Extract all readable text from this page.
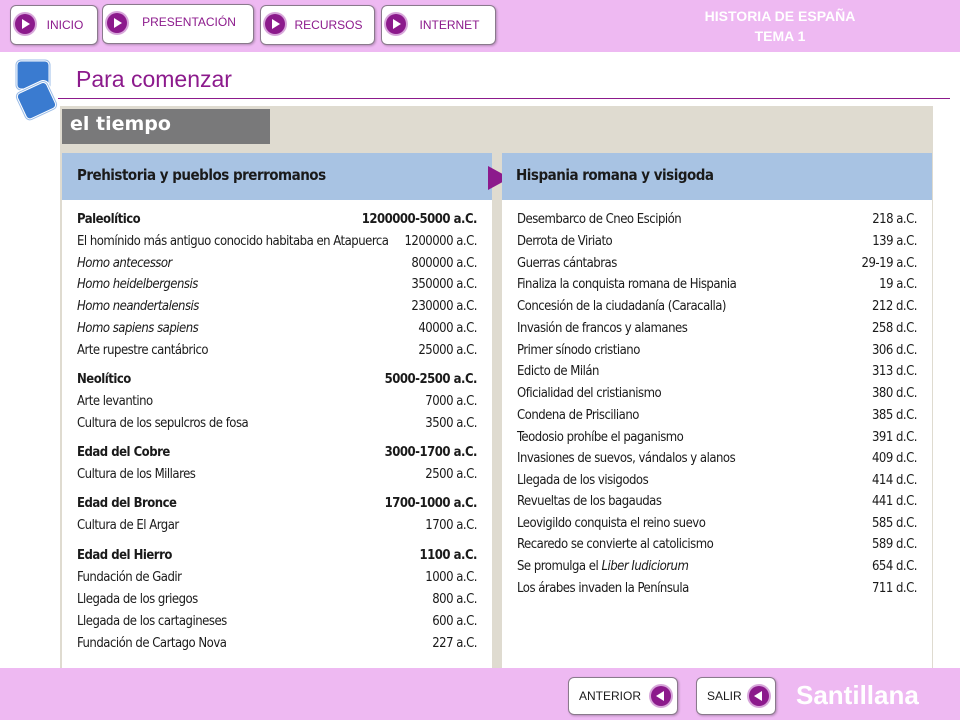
INICIO	PRESENTACIÓN	RECURSOS	INTERNET
HISTORIA DE ESPAÑA
TEMA 1
Para comenzar
el tiempo
Prehistoria y pueblos prerromanos
Paleolítico	1200000-5000 a.C.
El homínido más antiguo conocido habitaba en Atapuerca 1200000 a.C.
Homo antecessor	800000 a.C.
Homo heidelbergensis	350000 a.C.
Homo neandertalensis	230000 a.C.
Homo sapiens sapiens	40000 a.C.
Arte rupestre cantábrico	25000 a.C.
Neolítico	5000-2500 a.C.
Arte levantino	7000 a.C.
Cultura de los sepulcros de fosa	3500 a.C.
Edad del Cobre	3000-1700 a.C.
Cultura de los Millares	2500 a.C.
Edad del Bronce	1700-1000 a.C.
Cultura de El Argar	1700 a.C.
Edad del Hierro	1100 a.C.
Fundación de Gadir	1000 a.C.
Llegada de los griegos	800 a.C.
Llegada de los cartagineses	600 a.C.
Fundación de Cartago Nova	227 a.C.
Hispania romana y visigoda
Desembarco de Cneo Escipión	218 a.C.
Derrota de Viriato	139 a.C.
Guerras cántabras	29-19 a.C.
Finaliza la conquista romana de Hispania	19 a.C.
Concesión de la ciudadanía (Caracalla)	212 d.C.
Invasión de francos y alamanes	258 d.C.
Primer sínodo cristiano	306 d.C.
Edicto de Milán	313 d.C.
Oficialidad del cristianismo	380 d.C.
Condena de Prisciliano	385 d.C.
Teodosio prohíbe el paganismo	391 d.C.
Invasiones de suevos, vándalos y alanos	409 d.C.
Llegada de los visigodos	414 d.C.
Revueltas de los bagaudas	441 d.C.
Leovigildo conquista el reino suevo	585 d.C.
Recaredo se convierte al catolicismo	589 d.C.
Se promulga el Liber Iudiciorum	654 d.C.
Los árabes invaden la Península	711 d.C.
ANTERIOR	SALIR Santillana
